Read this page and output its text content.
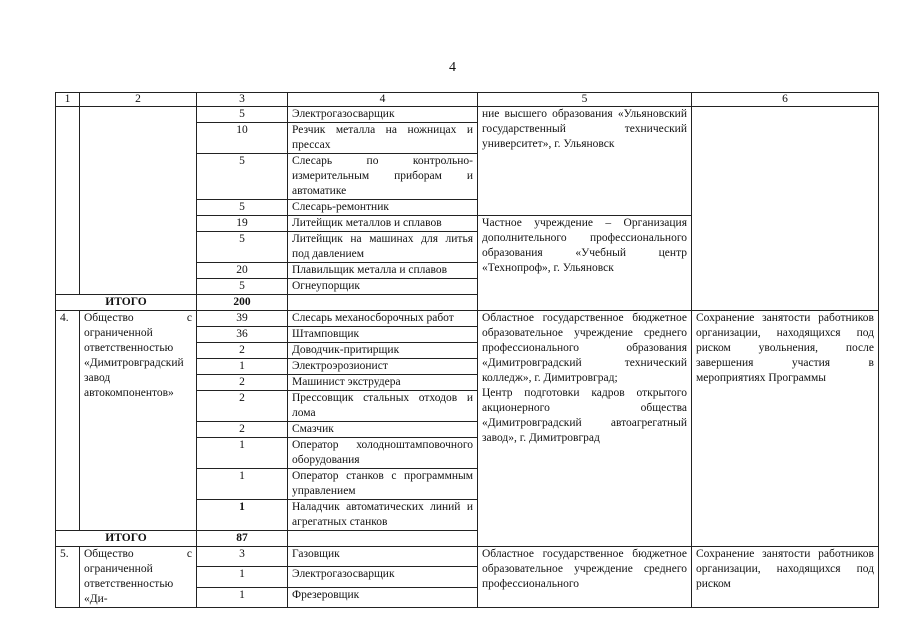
4
1	2	3	4	5	6
		5	Электрогазосварщик	ние высшего образования «Ульяновский государственный технический университет», г. Ульяновск	
		10	Резчик металла на ножницах и прессах		
		5	Слесарь по контрольно-измерительным приборам и автоматике		
		5	Слесарь-ремонтник		
		19	Литейщик металлов и сплавов	Частное учреждение – Организация дополнительного профессионального образования «Учебный центр «Технопроф», г. Ульяновск	
		5	Литейщик на машинах для литья под давлением		
		20	Плавильщик металла и сплавов		
		5	Огнеупорщик		
ИТОГО		200			
4.	Общество с ограниченной ответственностью «Димитровградский завод автокомпонентов»	39	Слесарь механосборочных работ	Областное государственное бюджетное образовательное учреждение среднего профессионального образования «Димитровградский технический колледж», г. Димитровград;
Центр подготовки кадров открытого акционерного общества «Димитровградский автоагрегатный завод», г. Димитровград	Сохранение занятости работников организации, находящихся под риском увольнения, после завершения участия в мероприятиях Программы
		36	Штамповщик		
		2	Доводчик-притирщик		
		1	Электроэрозионист		
		2	Машинист экструдера		
		2	Прессовщик стальных отходов и лома		
		2	Смазчик		
		1	Оператор холодноштамповочного оборудования		
		1	Оператор станков с программным управлением		
		1	Наладчик автоматических линий и агрегатных станков		
ИТОГО		87			
5.	Общество с ограниченной ответственностью «Ди-	3	Газовщик	Областное государственное бюджетное образовательное учреждение среднего профессионального	Сохранение занятости работников организации, находящихся под риском
		1	Электрогазосварщик		
		1	Фрезеровщик		
